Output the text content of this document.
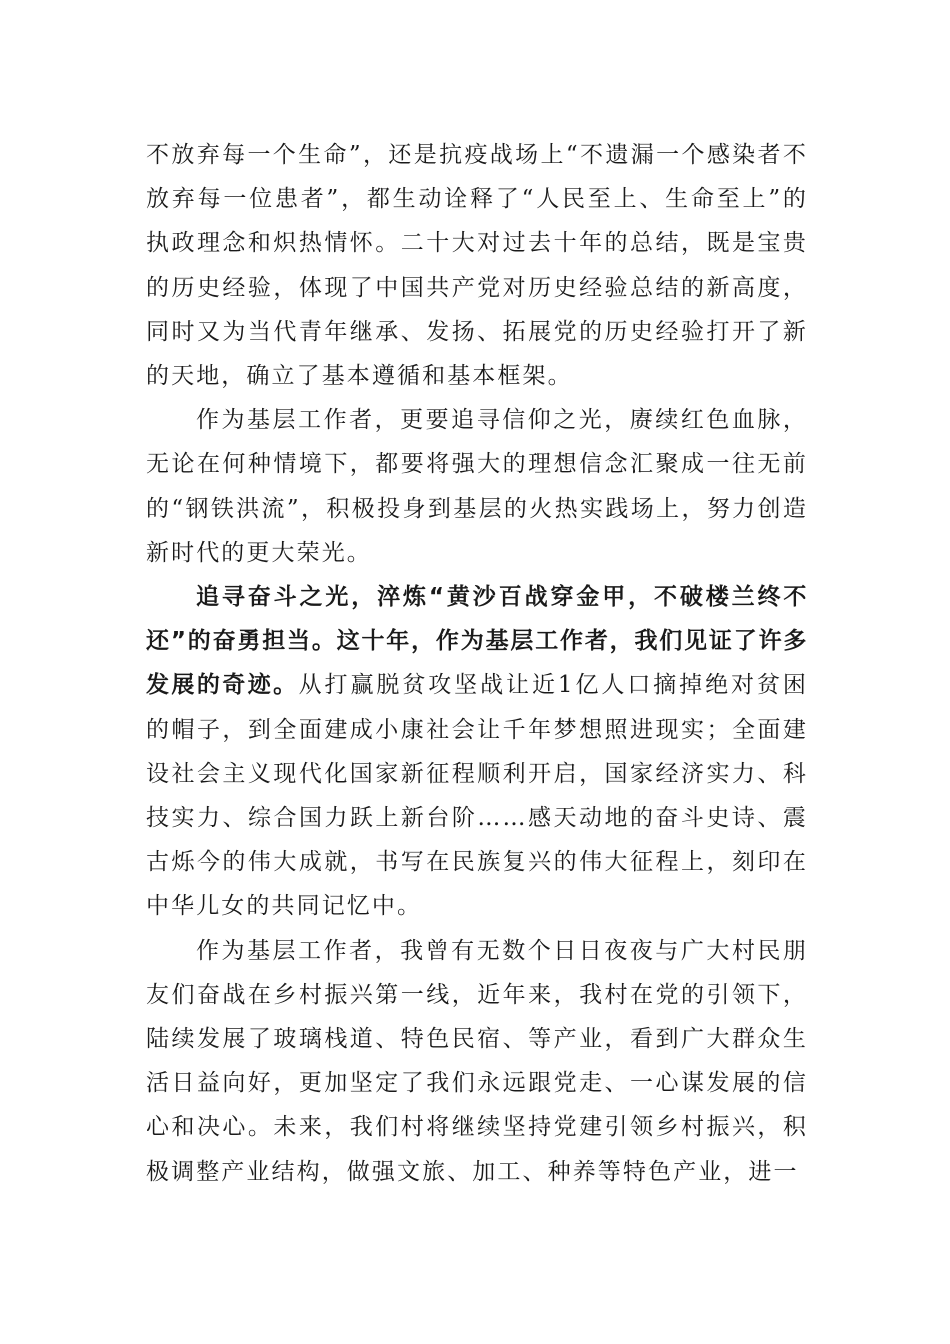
不放弃每一个生命”，还是抗疫战场上“不遗漏一个感染者不放弃每一位患者”，都生动诠释了“人民至上、生命至上”的执政理念和炽热情怀。二十大对过去十年的总结，既是宝贵的历史经验，体现了中国共产党对历史经验总结的新高度，同时又为当代青年继承、发扬、拓展党的历史经验打开了新的天地，确立了基本遵循和基本框架。

作为基层工作者，更要追寻信仰之光，赓续红色血脉，无论在何种情境下，都要将强大的理想信念汇聚成一往无前的“钢铁洪流”，积极投身到基层的火热实践场上，努力创造新时代的更大荣光。

追寻奋斗之光，淬炼“黄沙百战穿金甲，不破楼兰终不还”的奋勇担当。这十年，作为基层工作者，我们见证了许多发展的奇迹。从打赢脱贫攻坚战让近1亿人口摘掉绝对贫困的帽子，到全面建成小康社会让千年梦想照进现实；全面建设社会主义现代化国家新征程顺利开启，国家经济实力、科技实力、综合国力跃上新台阶……感天动地的奋斗史诗、震古烁今的伟大成就，书写在民族复兴的伟大征程上，刻印在中华儿女的共同记忆中。

作为基层工作者，我曾有无数个日日夜夜与广大村民朋友们奋战在乡村振兴第一线，近年来，我村在党的引领下，陆续发展了玻璃栈道、特色民宿、等产业，看到广大群众生活日益向好，更加坚定了我们永远跟党走、一心谋发展的信心和决心。未来，我们村将继续坚持党建引领乡村振兴，积极调整产业结构，做强文旅、加工、种养等特色产业，进一
